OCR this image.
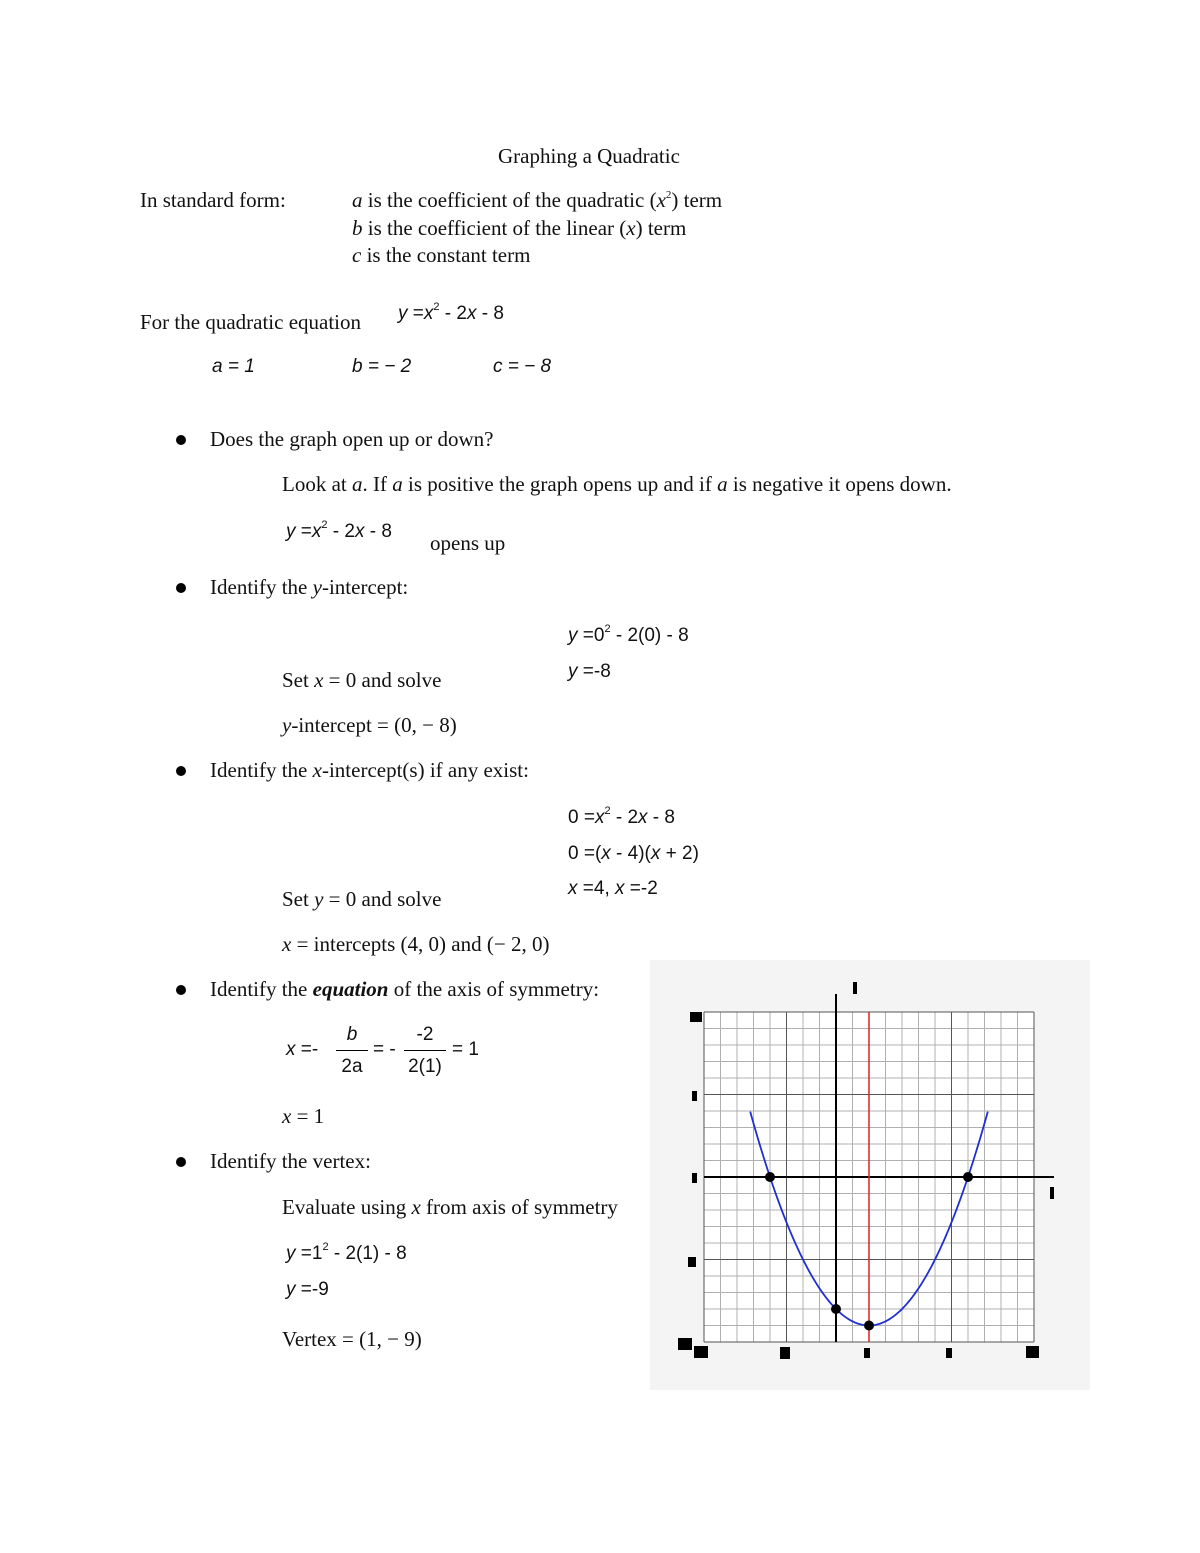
Graphing a Quadratic
In standard form:	a is the coefficient of the quadratic $(x^2)$ term
b is the coefficient of the linear (x) term
c is the constant term
For the quadratic equation $y =x^2 - 2x - 8$
a = 1	b = − 2	c = − 8
Does the graph open up or down?
Look at a. If a is positive the graph opens up and if a is negative it opens down.
$y =x^2 - 2x - 8$ opens up
Identify the y-intercept:
$y =0^2 - 2(0) - 8$
y =-8
Set x = 0 and solve
y-intercept = (0, − 8)
Identify the x-intercept(s) if any exist:
$0 =x^2 - 2x - 8$
0 =(x - 4)(x + 2)
x =4, x =-2
Set y = 0 and solve
x = intercepts (4, 0) and (− 2, 0)
Identify the equation of the axis of symmetry:
x =-
b
2a
= -
-2
2(1)
= 1
x = 1
Identify the vertex:
Evaluate using x from axis of symmetry
$y =1^2 - 2(1) - 8$
y =-9
Vertex = (1, − 9)
